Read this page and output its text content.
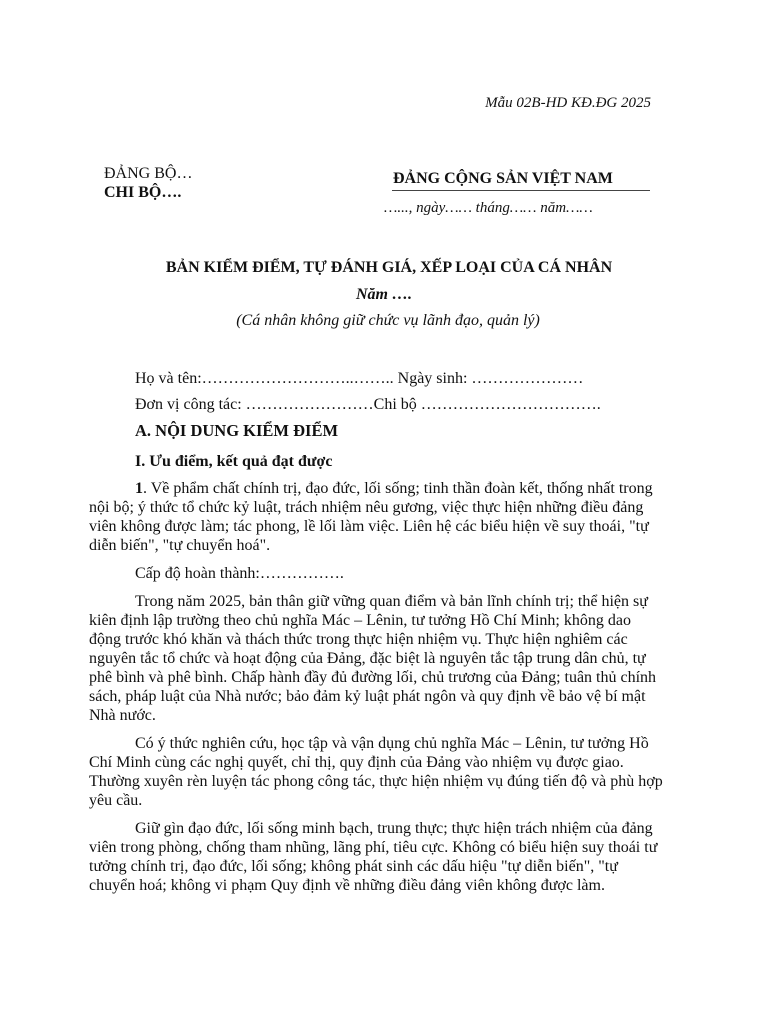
Mẫu 02B-HD KĐ.ĐG 2025
ĐẢNG BỘ…
CHI BỘ….
ĐẢNG CỘNG SẢN VIỆT NAM
…..., ngày…… tháng…… năm……
BẢN KIỂM ĐIỂM, TỰ ĐÁNH GIÁ, XẾP LOẠI CỦA CÁ NHÂN
Năm ….
(Cá nhân không giữ chức vụ lãnh đạo, quản lý)
Họ và tên:………………………..…….. Ngày sinh: …………………
Đơn vị công tác: ……………………Chi bộ …………………………….
A. NỘI DUNG KIỂM ĐIỂM
I. Ưu điểm, kết quả đạt được

1. Về phẩm chất chính trị, đạo đức, lối sống; tinh thần đoàn kết, thống nhất trong nội bộ; ý thức tổ chức kỷ luật, trách nhiệm nêu gương, việc thực hiện những điều đảng viên không được làm; tác phong, lề lối làm việc. Liên hệ các biểu hiện về suy thoái, "tự diễn biến", "tự chuyển hoá".

Cấp độ hoàn thành:…………….

Trong năm 2025, bản thân giữ vững quan điểm và bản lĩnh chính trị; thể hiện sự kiên định lập trường theo chủ nghĩa Mác – Lênin, tư tưởng Hồ Chí Minh; không dao động trước khó khăn và thách thức trong thực hiện nhiệm vụ. Thực hiện nghiêm các nguyên tắc tổ chức và hoạt động của Đảng, đặc biệt là nguyên tắc tập trung dân chủ, tự phê bình và phê bình. Chấp hành đầy đủ đường lối, chủ trương của Đảng; tuân thủ chính sách, pháp luật của Nhà nước; bảo đảm kỷ luật phát ngôn và quy định về bảo vệ bí mật Nhà nước.

Có ý thức nghiên cứu, học tập và vận dụng chủ nghĩa Mác – Lênin, tư tưởng Hồ Chí Minh cùng các nghị quyết, chỉ thị, quy định của Đảng vào nhiệm vụ được giao. Thường xuyên rèn luyện tác phong công tác, thực hiện nhiệm vụ đúng tiến độ và phù hợp yêu cầu.

Giữ gìn đạo đức, lối sống minh bạch, trung thực; thực hiện trách nhiệm của đảng viên trong phòng, chống tham nhũng, lãng phí, tiêu cực. Không có biểu hiện suy thoái tư tưởng chính trị, đạo đức, lối sống; không phát sinh các dấu hiệu "tự diễn biến", "tự chuyển hoá; không vi phạm Quy định về những điều đảng viên không được làm.
